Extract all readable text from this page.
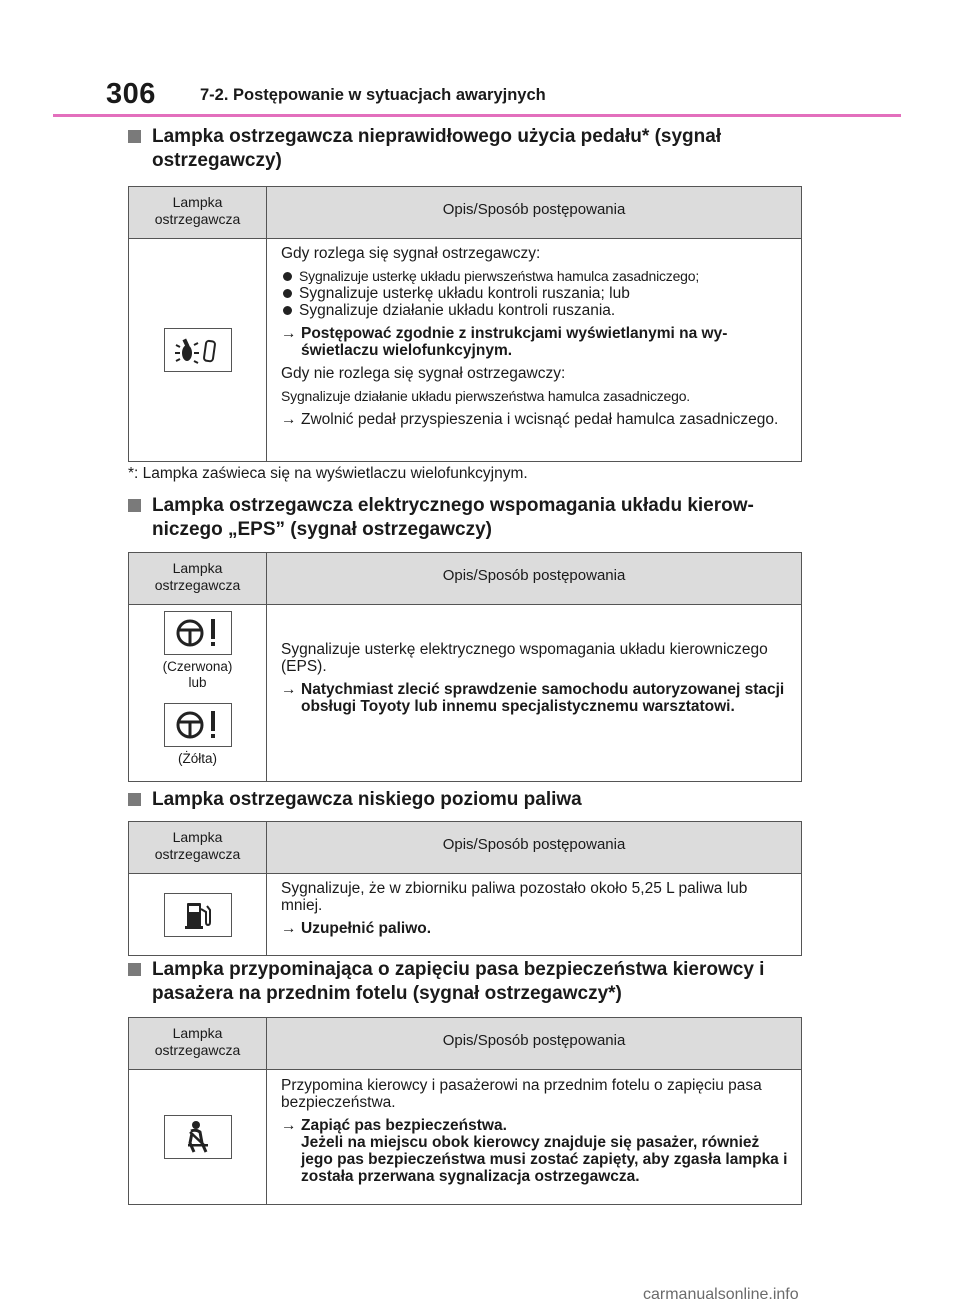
306	7-2. Postępowanie w sytuacjach awaryjnych
Lampka ostrzegawcza nieprawidłowego użycia pedału* (sygnał ostrzegawczy)
Lampka
ostrzegawcza
Opis/Sposób postępowania

Gdy rozlega się sygnał ostrzegawczy:

Sygnalizuje usterkę układu pierwszeństwa hamulca zasadniczego;

Sygnalizuje usterkę układu kontroli ruszania; lub

Sygnalizuje działanie układu kontroli ruszania.

→ Postępować zgodnie z instrukcjami wyświetlanymi na wyświetlaczu wielofunkcyjnym.

Gdy nie rozlega się sygnał ostrzegawczy:

Sygnalizuje działanie układu pierwszeństwa hamulca zasadniczego.

→ Zwolnić pedał przyspieszenia i wcisnąć pedał hamulca zasadniczego.

*: Lampka zaświeca się na wyświetlaczu wielofunkcyjnym.
Lampka ostrzegawcza elektrycznego wspomagania układu kierowniczego „EPS” (sygnał ostrzegawczy)
Lampka
ostrzegawcza
Opis/Sposób postępowania
(Czerwona)
lub
(Żółta)

Sygnalizuje usterkę elektrycznego wspomagania układu kierowniczego (EPS).

→ Natychmiast zlecić sprawdzenie samochodu autoryzowanej stacji obsługi Toyoty lub innemu specjalistycznemu warsztatowi.

Lampka ostrzegawcza niskiego poziomu paliwa
Lampka
ostrzegawcza
Opis/Sposób postępowania

Sygnalizuje, że w zbiorniku paliwa pozostało około 5,25 L paliwa lub mniej.

→ Uzupełnić paliwo.

Lampka przypominająca o zapięciu pasa bezpieczeństwa kierowcy i pasażera na przednim fotelu (sygnał ostrzegawczy*)
Lampka
ostrzegawcza
Opis/Sposób postępowania

Przypomina kierowcy i pasażerowi na przednim fotelu o zapięciu pasa bezpieczeństwa.

→ Zapiąć pas bezpieczeństwa.
Jeżeli na miejscu obok kierowcy znajduje się pasażer, również jego pas bezpieczeństwa musi zostać zapięty, aby zgasła lampka i została przerwana sygnalizacja ostrzegawcza.
carmanualsonline.info
